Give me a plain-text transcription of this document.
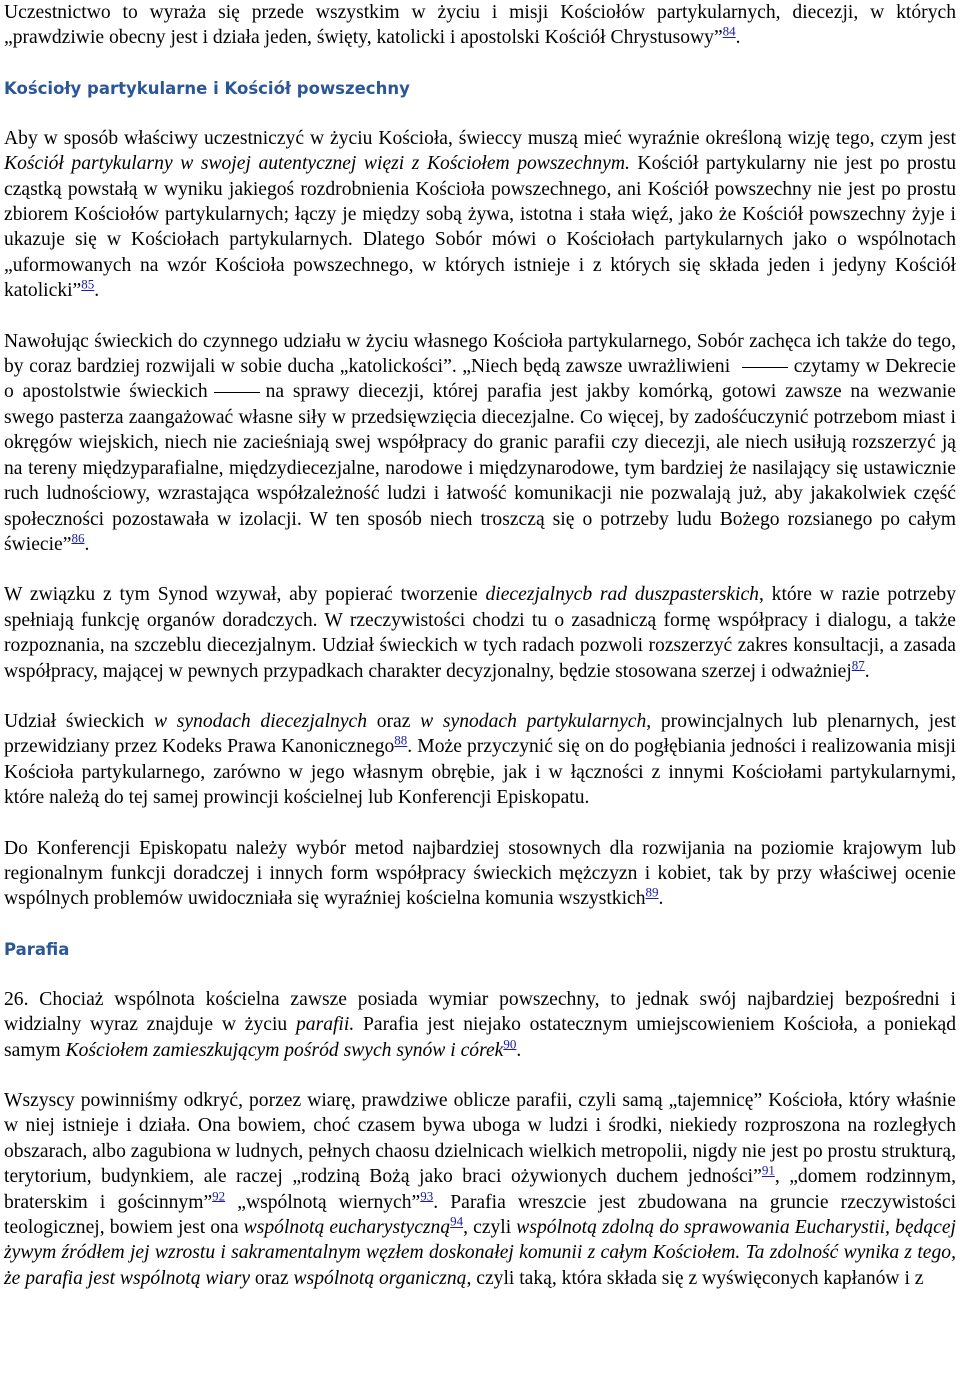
Uczestnictwo to wyraża się przede wszystkim w życiu i misji Kościołów partykularnych, diecezji, w których „prawdziwie obecny jest i działa jeden, święty, katolicki i apostolski Kościół Chrystusowy”$^{84}$.

Kościoły partykularne i Kościół powszechny

Aby w sposób właściwy uczestniczyć w życiu Kościoła, świeccy muszą mieć wyraźnie określoną wizję tego, czym jest Kościół partykularny w swojej autentycznej więzi z Kościołem powszechnym. Kościół partykularny nie jest po prostu cząstką powstałą w wyniku jakiegoś rozdrobnienia Kościoła powszechnego, ani Kościół powszechny nie jest po prostu zbiorem Kościołów partykularnych; łączy je między sobą żywa, istotna i stała więź, jako że Kościół powszechny żyje i ukazuje się w Kościołach partykularnych. Dlatego Sobór mówi o Kościołach partykularnych jako o wspólnotach „uformowanych na wzór Kościoła powszechnego, w których istnieje i z których się składa jeden i jedyny Kościół katolicki”$^{85}$.

Nawołując świeckich do czynnego udziału w życiu własnego Kościoła partykularnego, Sobór zachęca ich także do tego, by coraz bardziej rozwijali w sobie ducha „katolickości”. „Niech będą zawsze uwrażliwieni	czytamy w Dekrecie o apostolstwie świeckich	na sprawy diecezji, której parafia jest jakby komórką, gotowi zawsze na wezwanie swego pasterza zaangażować własne siły w przedsięwzięcia diecezjalne. Co więcej, by zadośćuczynić potrzebom miast i okręgów wiejskich, niech nie zacieśniają swej współpracy do granic parafii czy diecezji, ale niech usiłują rozszerzyć ją na tereny międzyparafialne, międzydiecezjalne, narodowe i międzynarodowe, tym bardziej że nasilający się ustawicznie ruch ludnościowy, wzrastająca współzależność ludzi i łatwość komunikacji nie pozwalają już, aby jakakolwiek część społeczności pozostawała w izolacji. W ten sposób niech troszczą się o potrzeby ludu Bożego rozsianego po całym świecie”$^{86}$.

W związku z tym Synod wzywał, aby popierać tworzenie diecezjalnycb rad duszpasterskich, które w razie potrzeby spełniają funkcję organów doradczych. W rzeczywistości chodzi tu o zasadniczą formę współpracy i dialogu, a także rozpoznania, na szczeblu diecezjalnym. Udział świeckich w tych radach pozwoli rozszerzyć zakres konsultacji, a zasada współpracy, mającej w pewnych przypadkach charakter decyzjonalny, będzie stosowana szerzej i odważniej$^{87}$.

Udział świeckich w synodach diecezjalnych oraz w synodach partykularnych, prowincjalnych lub plenarnych, jest przewidziany przez Kodeks Prawa Kanonicznego$^{88}$. Może przyczynić się on do pogłębiania jedności i realizowania misji Kościoła partykularnego, zarówno w jego własnym obrębie, jak i w łączności z innymi Kościołami partykularnymi, które należą do tej samej prowincji kościelnej lub Konferencji Episkopatu.

Do Konferencji Episkopatu należy wybór metod najbardziej stosownych dla rozwijania na poziomie krajowym lub regionalnym funkcji doradczej i innych form współpracy świeckich mężczyzn i kobiet, tak by przy właściwej ocenie wspólnych problemów uwidoczniała się wyraźniej kościelna komunia wszystkich$^{89}$.

Parafia

26. Chociaż wspólnota kościelna zawsze posiada wymiar powszechny, to jednak swój najbardziej bezpośredni i widzialny wyraz znajduje w życiu parafii. Parafia jest niejako ostatecznym umiejscowieniem Kościoła, a poniekąd samym Kościołem zamieszkującym pośród swych synów i córek$^{90}$.

Wszyscy powinniśmy odkryć, porzez wiarę, prawdziwe oblicze parafii, czyli samą „tajemnicę” Kościoła, który właśnie w niej istnieje i działa. Ona bowiem, choć czasem bywa uboga w ludzi i środki, niekiedy rozproszona na rozległych obszarach, albo zagubiona w ludnych, pełnych chaosu dzielnicach wielkich metropolii, nigdy nie jest po prostu strukturą, terytorium, budynkiem, ale raczej „rodziną Bożą jako braci ożywionych duchem jedności”$^{91}$, „domem rodzinnym, braterskim i gościnnym”$^{92}$ „wspólnotą wiernych”$^{93}$. Parafia wreszcie jest zbudowana na gruncie rzeczywistości teologicznej, bowiem jest ona wspólnotą eucharystyczną$^{94}$, czyli wspólnotą zdolną do sprawowania Eucharystii, będącej żywym źródłem jej wzrostu i sakramentalnym węzłem doskonałej komunii z całym Kościołem. Ta zdolność wynika z tego, że parafia jest wspólnotą wiary oraz wspólnotą organiczną, czyli taką, która składa się z wyświęconych kapłanów i z
